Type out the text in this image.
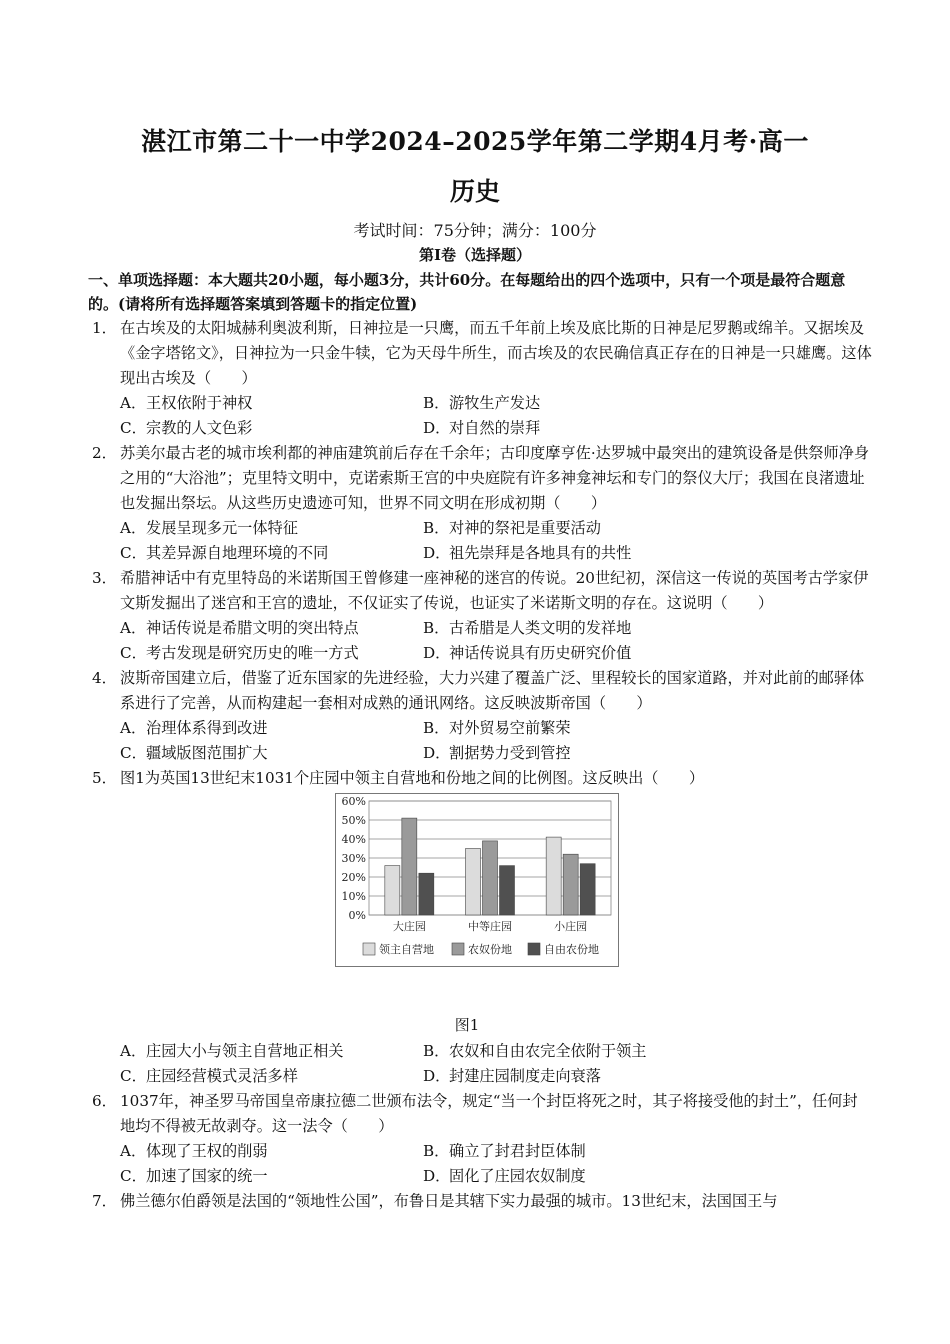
湛江市第二十一中学2024–2025学年第二学期4月考·高一
历史
考试时间：75分钟；满分：100分
第Ⅰ卷（选择题）
一、单项选择题：本大题共20小题，每小题3分，共计60分。在每题给出的四个选项中，只有一个项是最符合题意的。(请将所有选择题答案填到答题卡的指定位置)
1． 在古埃及的太阳城赫利奥波利斯，日神拉是一只鹰，而五千年前上埃及底比斯的日神是尼罗鹅或绵羊。又据埃及《金字塔铭文》，日神拉为一只金牛犊，它为天母牛所生，而古埃及的农民确信真正存在的日神是一只雄鹰。这体现出古埃及（　　）
A．王权依附于神权	B．游牧生产发达
C．宗教的人文色彩	D．对自然的崇拜
2． 苏美尔最古老的城市埃利都的神庙建筑前后存在千余年；古印度摩亨佐·达罗城中最突出的建筑设备是供祭师净身之用的“大浴池”；克里特文明中，克诺索斯王宫的中央庭院有许多神龛神坛和专门的祭仪大厅；我国在良渚遗址也发掘出祭坛。从这些历史遗迹可知，世界不同文明在形成初期（　　）
A．发展呈现多元一体特征	B．对神的祭祀是重要活动
C．其差异源自地理环境的不同	D．祖先崇拜是各地具有的共性
3． 希腊神话中有克里特岛的米诺斯国王曾修建一座神秘的迷宫的传说。20世纪初，深信这一传说的英国考古学家伊文斯发掘出了迷宫和王宫的遗址，不仅证实了传说，也证实了米诺斯文明的存在。这说明（　　）
A．神话传说是希腊文明的突出特点	B．古希腊是人类文明的发祥地
C．考古发现是研究历史的唯一方式	D．神话传说具有历史研究价值
4． 波斯帝国建立后，借鉴了近东国家的先进经验，大力兴建了覆盖广泛、里程较长的国家道路，并对此前的邮驿体系进行了完善，从而构建起一套相对成熟的通讯网络。这反映波斯帝国（　　）
A．治理体系得到改进	B．对外贸易空前繁荣
C．疆域版图范围扩大	D．割据势力受到管控
5． 图1为英国13世纪末1031个庄园中领主自营地和份地之间的比例图。这反映出（　　）
0%
10%
20%
30%
40%
50%
60%
大庄园	中等庄园	小庄园
领主自营地	农奴份地	自由农份地
图1
A．庄园大小与领主自营地正相关	B．农奴和自由农完全依附于领主
C．庄园经营模式灵活多样	D．封建庄园制度走向衰落
6． 1037年，神圣罗马帝国皇帝康拉德二世颁布法令，规定“当一个封臣将死之时，其子将接受他的封土”，任何封地均不得被无故剥夺。这一法令（　　）
A．体现了王权的削弱	B．确立了封君封臣体制
C．加速了国家的统一	D．固化了庄园农奴制度
7． 佛兰德尔伯爵领是法国的“领地性公国”，布鲁日是其辖下实力最强的城市。13世纪末，法国国王与
